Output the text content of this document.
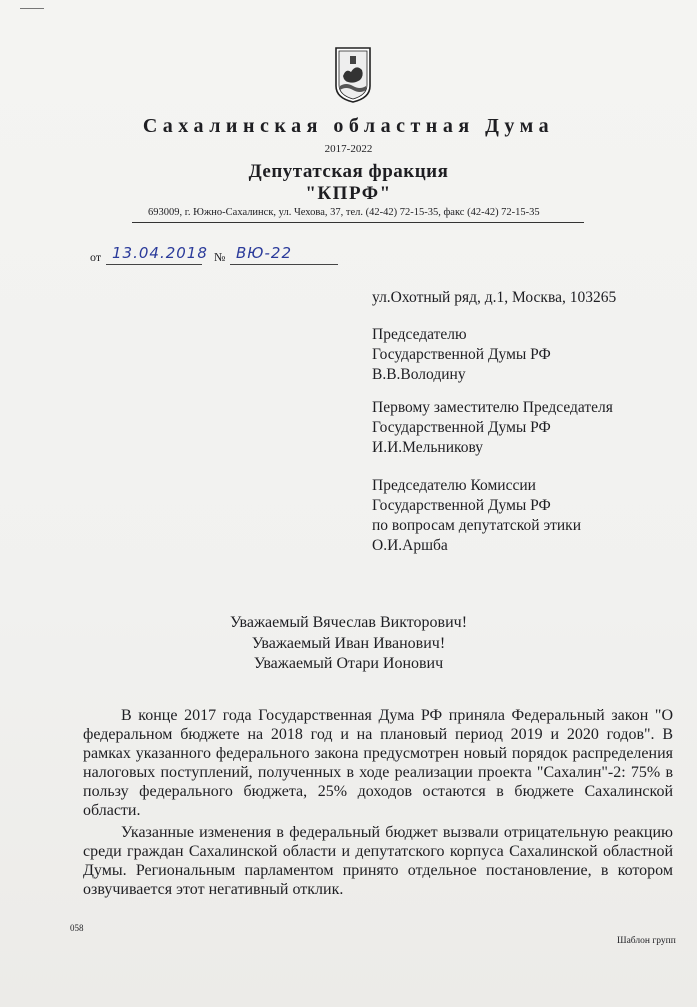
Сахалинская областная Дума
2017-2022
Депутатская фракция
"КПРФ"
693009, г. Южно-Сахалинск, ул. Чехова, 37, тел. (42-42) 72-15-35, факс (42-42) 72-15-35
от 13.04.2018 № ВЮ-22

ул.Охотный ряд, д.1, Москва, 103265

Председателю

Государственной Думы РФ

В.В.Володину

Первому заместителю Председателя

Государственной Думы РФ

И.И.Мельникову

Председателю Комиссии

Государственной Думы РФ

по вопросам депутатской этики

О.И.Аршба

Уважаемый Вячеслав Викторович!

Уважаемый Иван Иванович!

Уважаемый Отари Ионович

В конце 2017 года Государственная Дума РФ приняла Федеральный закон "О федеральном бюджете на 2018 год и на плановый период 2019 и 2020 годов". В рамках указанного федерального закона предусмотрен новый порядок распределения налоговых поступлений, полученных в ходе реализации проекта "Сахалин"-2: 75% в пользу федерального бюджета, 25% доходов остаются в бюджете Сахалинской области.

Указанные изменения в федеральный бюджет вызвали отрицательную реакцию среди граждан Сахалинской области и депутатского корпуса Сахалинской областной Думы. Региональным парламентом принято отдельное постановление, в котором озвучивается этот негативный отклик.

058
Шаблон групп
